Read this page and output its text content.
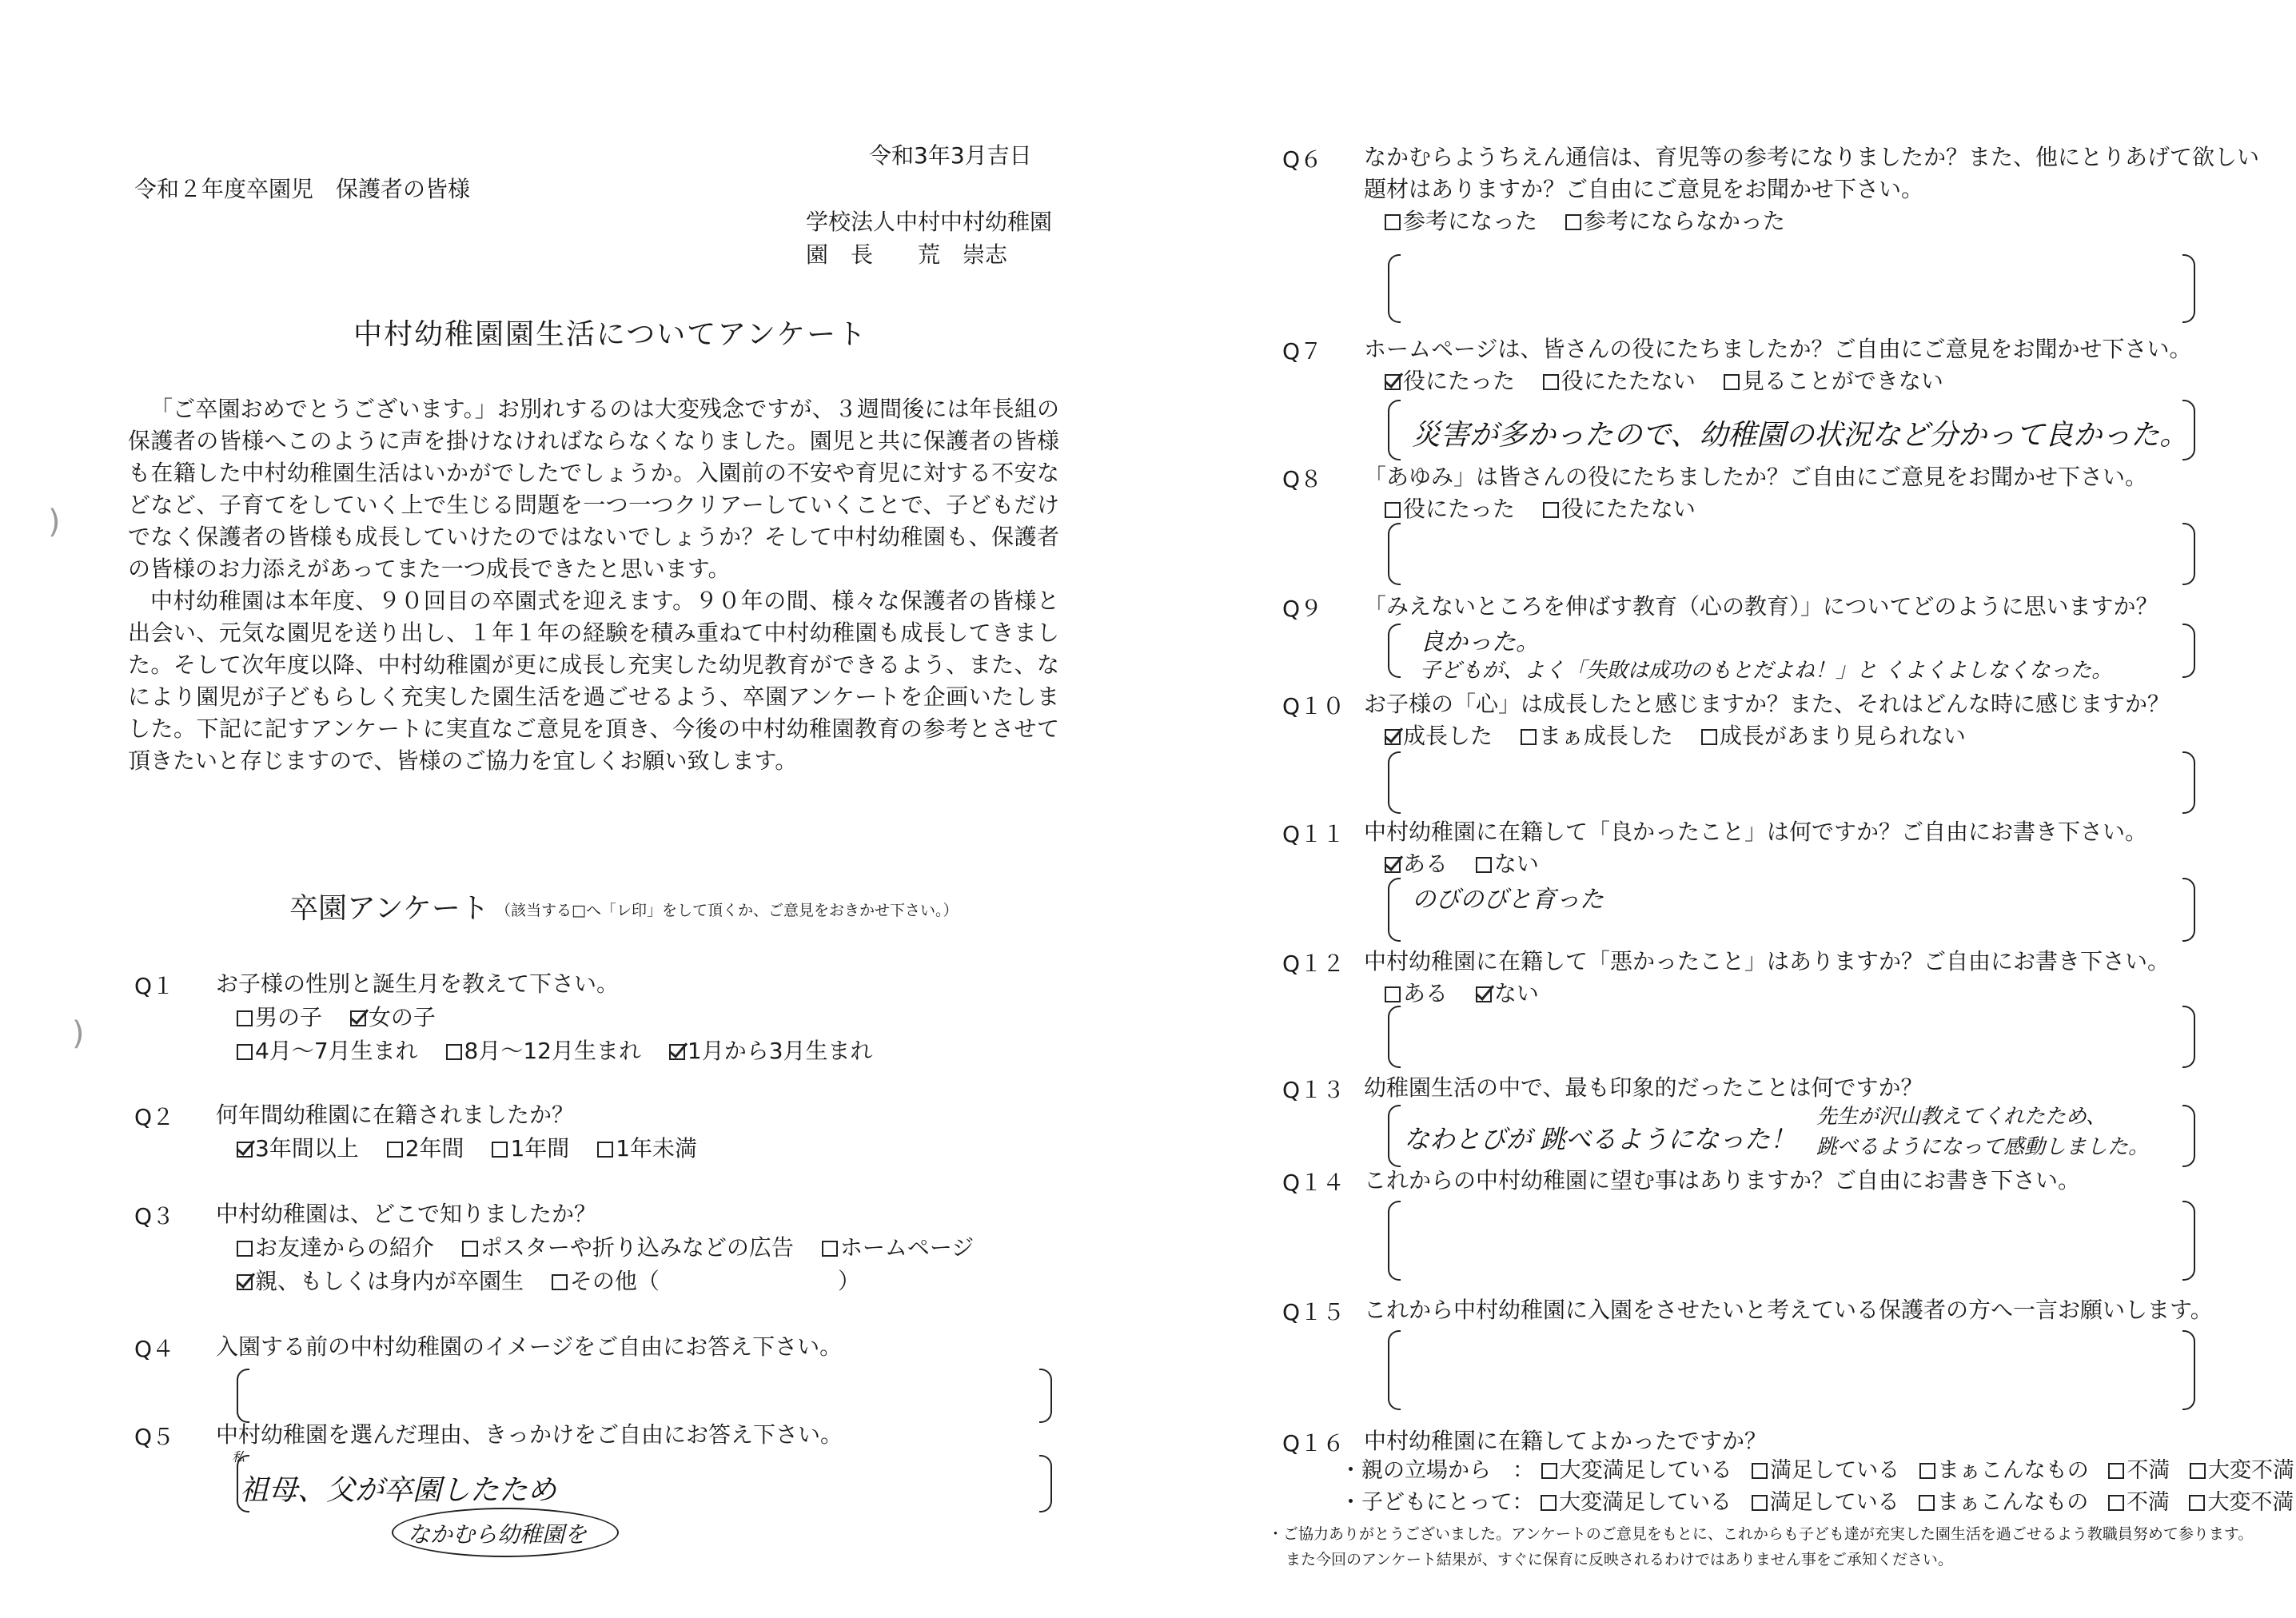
令和3年3月吉日
令和２年度卒園児　保護者の皆様
学校法人中村中村幼稚園
園　長　　荒　崇志
中村幼稚園園生活についてアンケート

「ご卒園おめでとうございます。」お別れするのは大変残念ですが、３週間後には年長組の保護者の皆様へこのように声を掛けなければならなくなりました。園児と共に保護者の皆様も在籍した中村幼稚園生活はいかがでしたでしょうか。入園前の不安や育児に対する不安などなど、子育てをしていく上で生じる問題を一つ一つクリアーしていくことで、子どもだけでなく保護者の皆様も成長していけたのではないでしょうか？そして中村幼稚園も、保護者の皆様のお力添えがあってまた一つ成長できたと思います。

中村幼稚園は本年度、９０回目の卒園式を迎えます。９０年の間、様々な保護者の皆様と出会い、元気な園児を送り出し、１年１年の経験を積み重ねて中村幼稚園も成長してきました。そして次年度以降、中村幼稚園が更に成長し充実した幼児教育ができるよう、また、なにより園児が子どもらしく充実した園生活を過ごせるよう、卒園アンケートを企画いたしました。下記に記すアンケートに実直なご意見を頂き、今後の中村幼稚園教育の参考とさせて頂きたいと存じますので、皆様のご協力を宜しくお願い致します。

卒園アンケート （該当する□へ「レ印」をして頂くか、ご意見をおきかせ下さい。）
Q１ お子様の性別と誕生月を教えて下さい。
男の子 女の子
4月～7月生まれ 8月～12月生まれ 1月から3月生まれ
Q２ 何年間幼稚園に在籍されましたか？
3年間以上 2年間 1年間 1年未満
Q３ 中村幼稚園は、どこで知りましたか？
お友達からの紹介 ポスターや折り込みなどの広告 ホームページ
親、もしくは身内が卒園生 その他（	）
Q４ 入園する前の中村幼稚園のイメージをご自由にお答え下さい。
Q５ 中村幼稚園を選んだ理由、きっかけをご自由にお答え下さい。
私
祖母、父が卒園したため
なかむら幼稚園を
)
)
Q６ なかむらようちえん通信は、育児等の参考になりましたか？また、他にとりあげて欲しい
題材はありますか？ご自由にご意見をお聞かせ下さい。
参考になった 参考にならなかった
Q７ ホームページは、皆さんの役にたちましたか？ご自由にご意見をお聞かせ下さい。
役にたった 役にたたない 見ることができない
災害が多かったので、幼稚園の状況など分かって良かった。
Q８ 「あゆみ」は皆さんの役にたちましたか？ご自由にご意見をお聞かせ下さい。
役にたった 役にたたない
Q９ 「みえないところを伸ばす教育（心の教育）」についてどのように思いますか？
良かった。
子どもが、よく「失敗は成功のもとだよね！」と くよくよしなくなった。
Q１０ お子様の「心」は成長したと感じますか？また、それはどんな時に感じますか？
成長した まぁ成長した 成長があまり見られない
Q１１ 中村幼稚園に在籍して「良かったこと」は何ですか？ご自由にお書き下さい。
ある ない
のびのびと育った
Q１２ 中村幼稚園に在籍して「悪かったこと」はありますか？ご自由にお書き下さい。
ある ない
Q１３ 幼稚園生活の中で、最も印象的だったことは何ですか？
なわとびが 跳べるようになった！
先生が沢山教えてくれたため、
跳べるようになって感動しました。
Q１４ これからの中村幼稚園に望む事はありますか？ご自由にお書き下さい。
Q１５ これから中村幼稚園に入園をさせたいと考えている保護者の方へ一言お願いします。
Q１６ 中村幼稚園に在籍してよかったですか？
・親の立場から　： 大変満足している 満足している まぁこんなもの 不満 大変不満
・子どもにとって： 大変満足している 満足している まぁこんなもの 不満 大変不満
・ご協力ありがとうございました。アンケートのご意見をもとに、これからも子ども達が充実した園生活を過ごせるよう教職員努めて参ります。
また今回のアンケート結果が、すぐに保育に反映されるわけではありません事をご承知ください。
